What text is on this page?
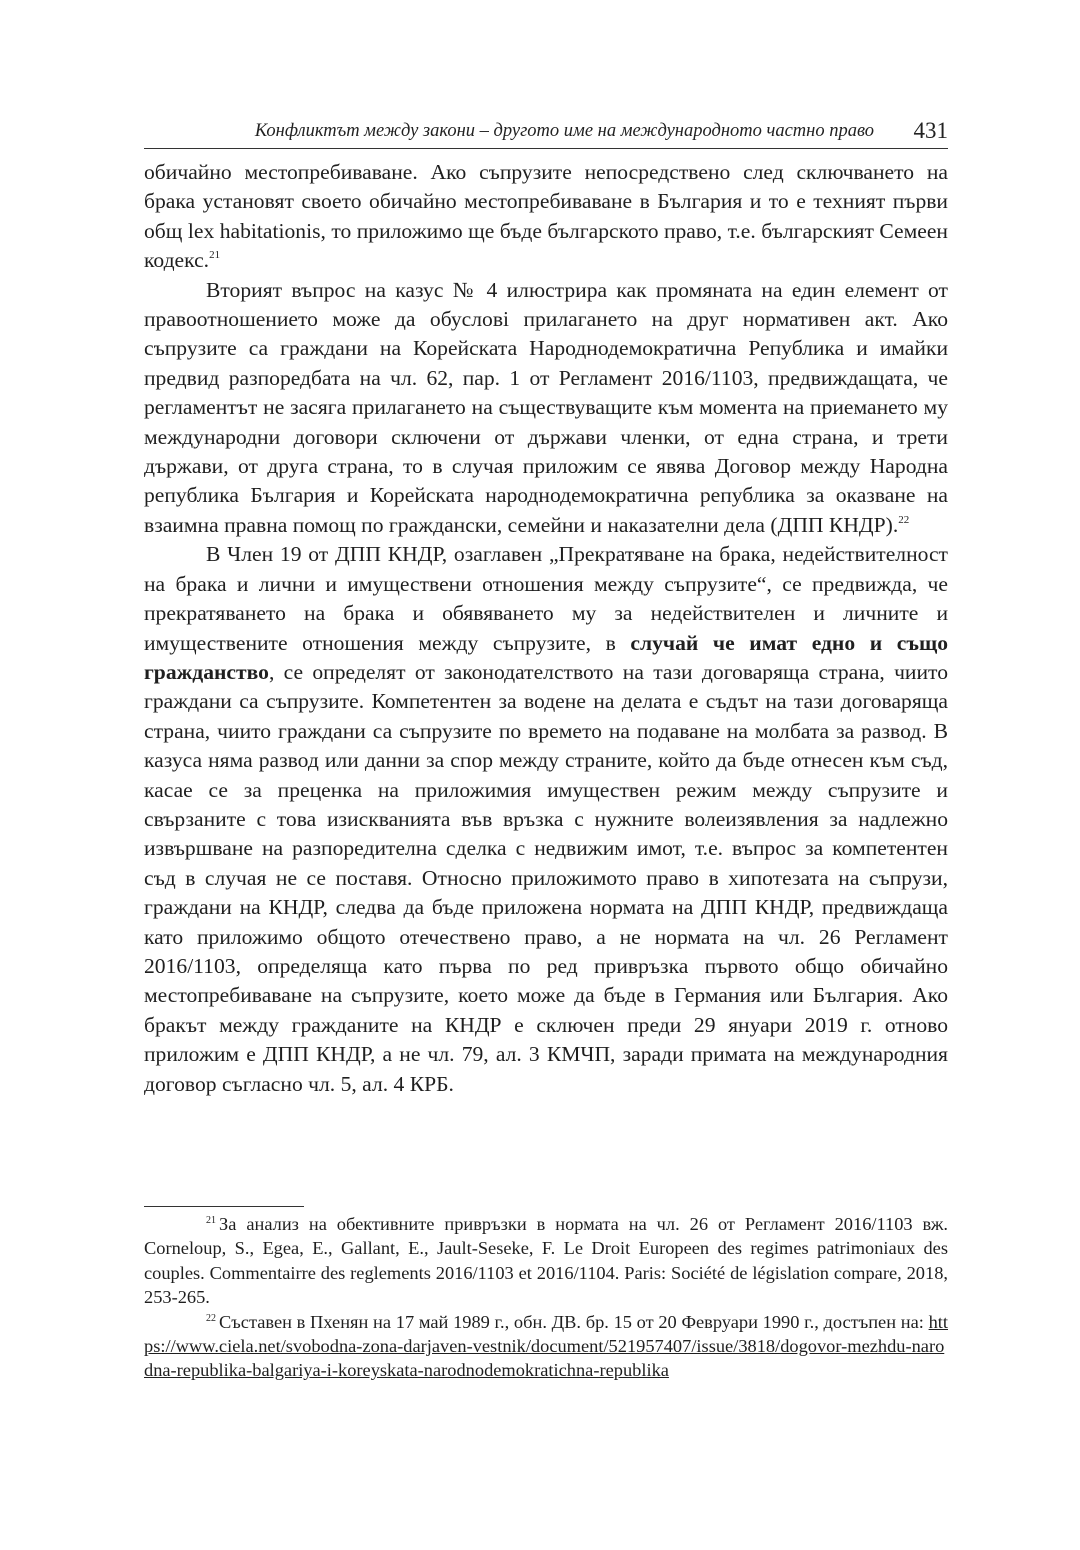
Конфликтът между закони – другото име на международното частно право 431

обичайно местопребиваване. Ако съпрузите непосредствено след сключването на брака установят своето обичайно местопребиваване в България и то е техният първи общ lex habitationis, то приложимо ще бъде българското право, т.е. българският Семеен кодекс.$^{21}$

Вторият въпрос на казус № 4 илюстрира как промяната на един елемент от правоотношението може да обусловi прилагането на друг нормативен акт. Ако съпрузите са граждани на Корейската Народнодемократична Република и имайки предвид разпоредбата на чл. 62, пар. 1 от Регламент 2016/1103, предвиждащата, че регламентът не засяга прилагането на съществуващите към момента на приемането му международни договори сключени от държави членки, от една страна, и трети държави, от друга страна, то в случая приложим се явява Договор между Народна република България и Корейската народнодемократична република за оказване на взаимна правна помощ по граждански, семейни и наказателни дела (ДПП КНДР).$^{22}$

В Член 19 от ДПП КНДР, озаглавен „Прекратяване на брака, недействителност на брака и лични и имуществени отношения между съпрузите“, се предвижда, че прекратяването на брака и обявяването му за недействителен и личните и имуществените отношения между съпрузите, в случай че имат едно и също гражданство, се определят от законодателството на тази договаряща страна, чиито граждани са съпрузите. Компетентен за водене на делата е съдът на тази договаряща страна, чиито граждани са съпрузите по времето на подаване на молбата за развод. В казуса няма развод или данни за спор между страните, който да бъде отнесен към съд, касае се за преценка на приложимия имуществен режим между съпрузите и свързаните с това изискванията във връзка с нужните волеизявления за надлежно извършване на разпоредителна сделка с недвижим имот, т.е. въпрос за компетентен съд в случая не се поставя. Относно приложимото право в хипотезата на съпрузи, граждани на КНДР, следва да бъде приложена нормата на ДПП КНДР, предвиждаща като приложимо общото отечествено право, а не нормата на чл. 26 Регламент 2016/1103, определяща като първа по ред привръзка първото общо обичайно местопребиваване на съпрузите, което може да бъде в Германия или България. Ако бракът между гражданите на КНДР е сключен преди 29 януари 2019 г. отново приложим е ДПП КНДР, а не чл. 79, ал. 3 КМЧП, заради примата на международния договор съгласно чл. 5, ал. 4 КРБ.

$^{21}$ За анализ на обективните привръзки в нормата на чл. 26 от Регламент 2016/1103 вж. Corneloup, S., Egea, E., Gallant, E., Jault-Seseke, F. Le Droit Europeen des regimes patrimoniaux des couples. Commentairre des reglements 2016/1103 et 2016/1104. Paris: Société de législation compare, 2018, 253-265.

$^{22}$ Съставен в Пхенян на 17 май 1989 г., обн. ДВ. бр. 15 от 20 Февруари 1990 г., достъпен на: https://www.ciela.net/svobodna-zona-darjaven-vestnik/document/521957407/issue/3818/dogovor-mezhdu-narodna-republika-balgariya-i-koreyskata-narodnodemokratichna-republika
